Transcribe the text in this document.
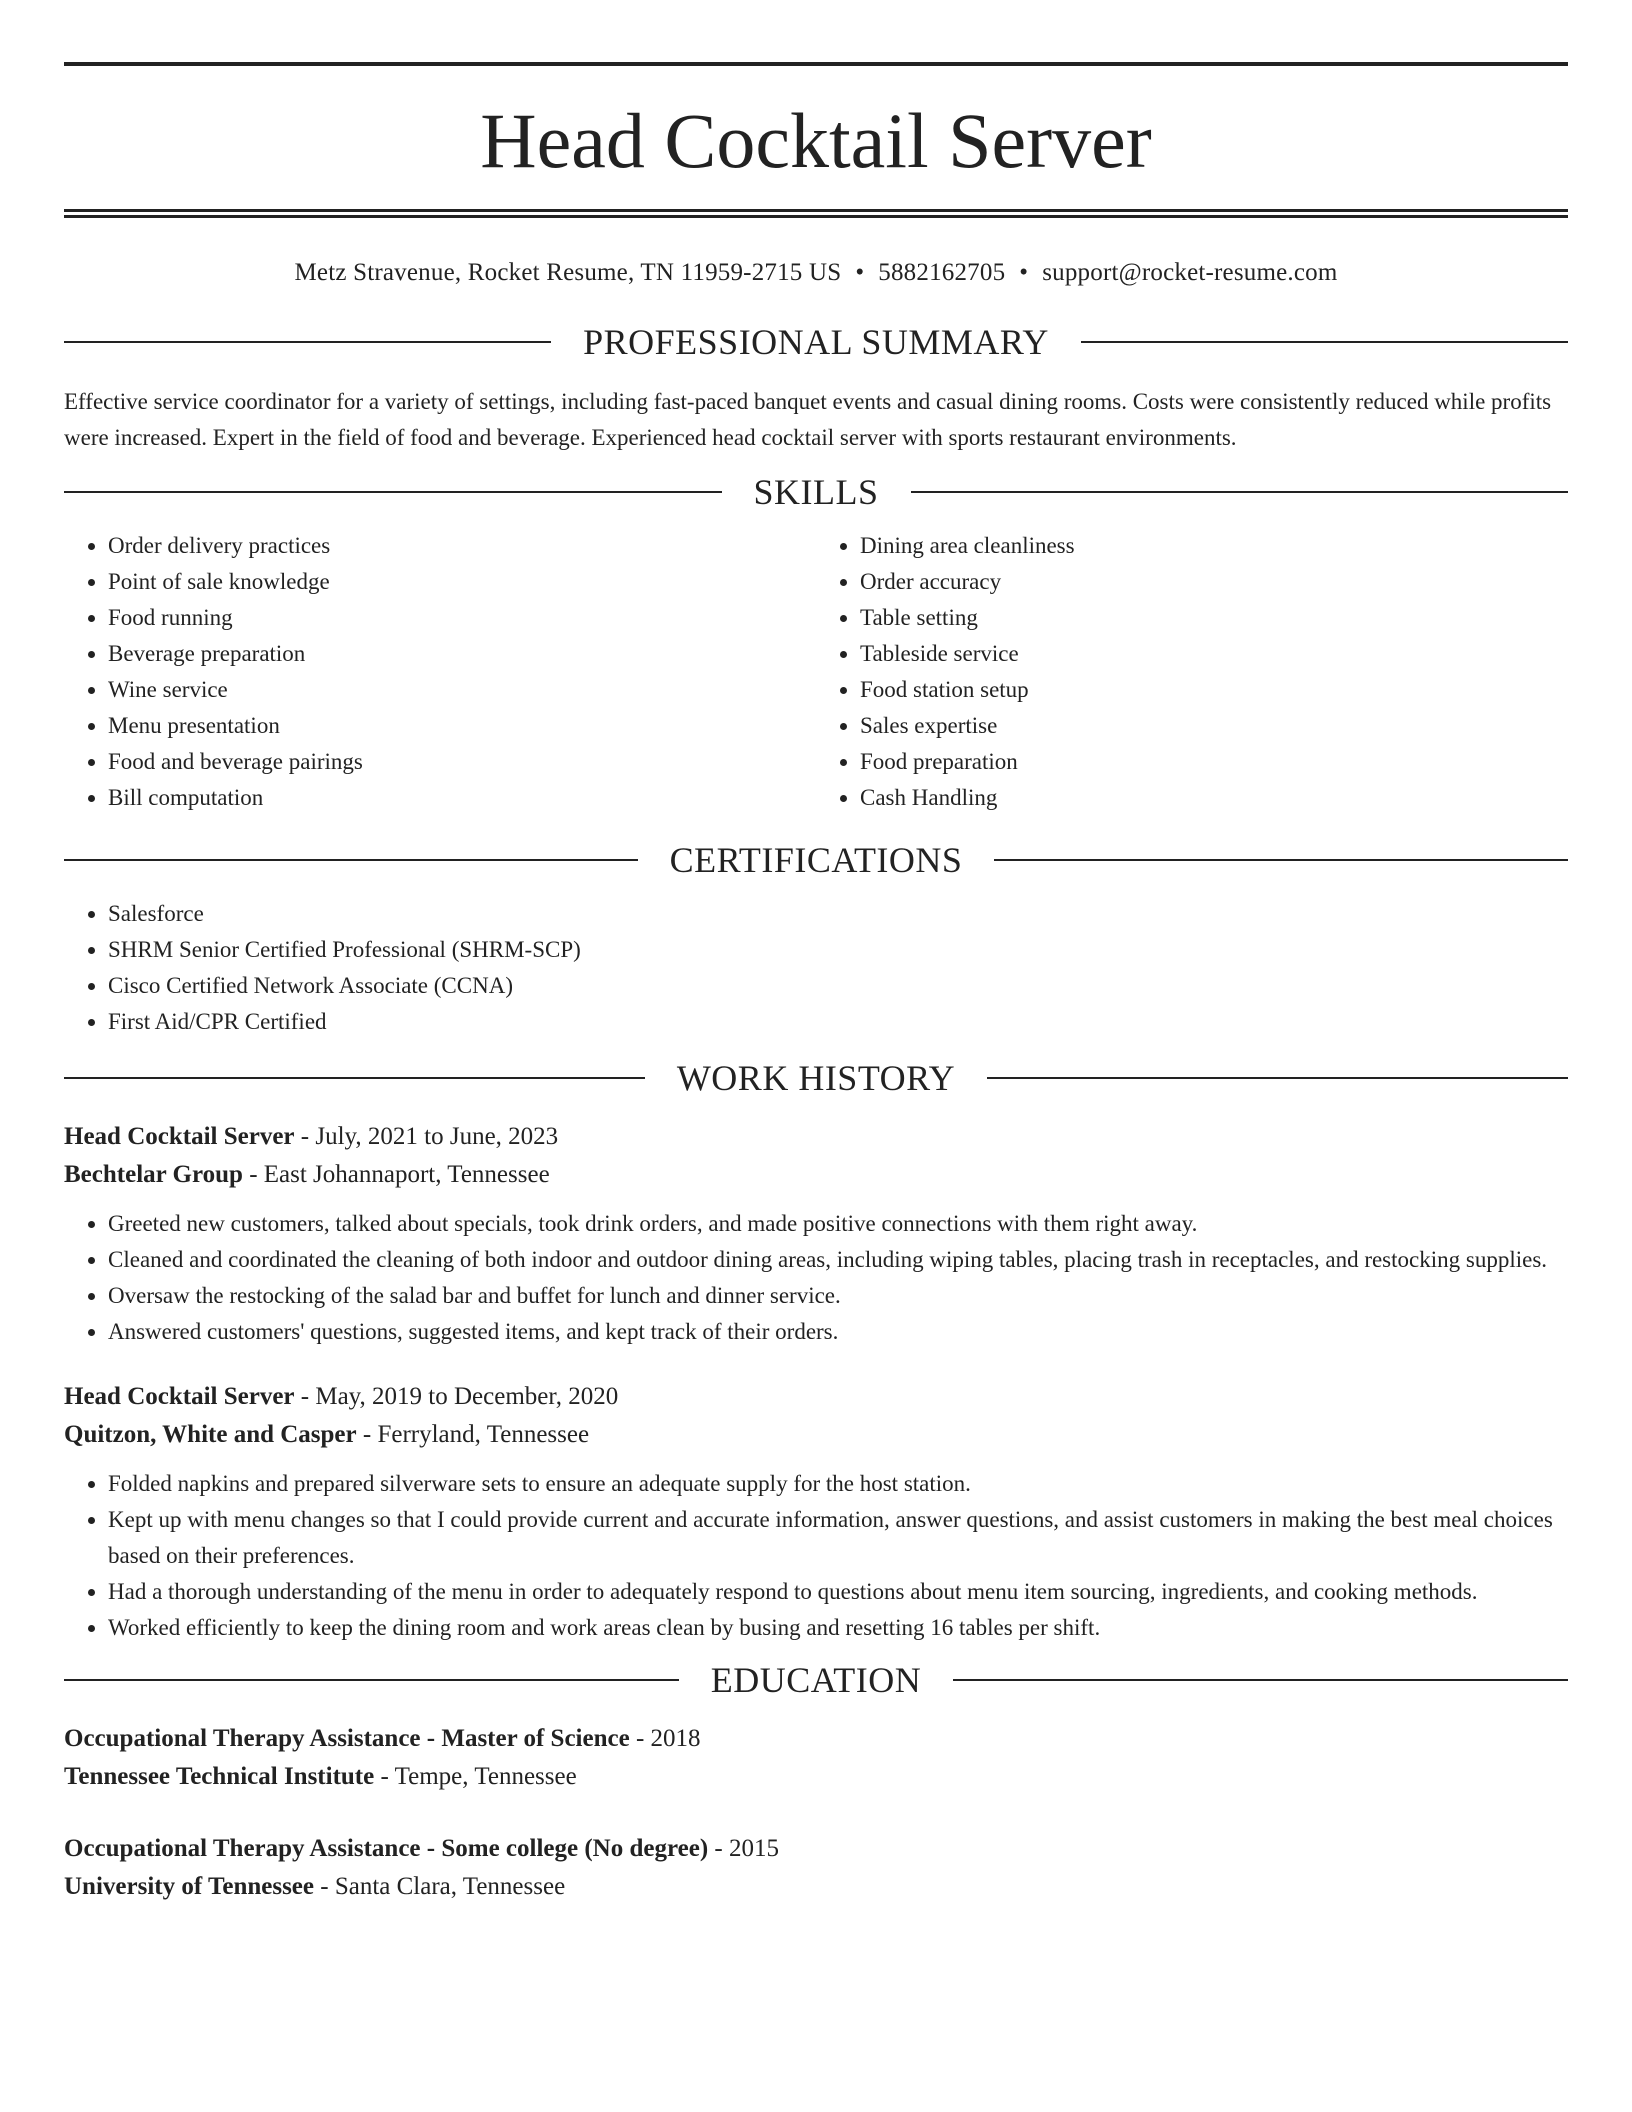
Head Cocktail Server
Metz Stravenue, Rocket Resume, TN 11959-2715 US • 5882162705 • support@rocket-resume.com
PROFESSIONAL SUMMARY
Effective service coordinator for a variety of settings, including fast-paced banquet events and casual dining rooms. Costs were consistently reduced while profits were increased. Expert in the field of food and beverage. Experienced head cocktail server with sports restaurant environments.
SKILLS
• Order delivery practices
• Point of sale knowledge
• Food running
• Beverage preparation
• Wine service
• Menu presentation
• Food and beverage pairings
• Bill computation
• Dining area cleanliness
• Order accuracy
• Table setting
• Tableside service
• Food station setup
• Sales expertise
• Food preparation
• Cash Handling
CERTIFICATIONS
• Salesforce
• SHRM Senior Certified Professional (SHRM-SCP)
• Cisco Certified Network Associate (CCNA)
• First Aid/CPR Certified
WORK HISTORY
Head Cocktail Server - July, 2021 to June, 2023
Bechtelar Group - East Johannaport, Tennessee
• Greeted new customers, talked about specials, took drink orders, and made positive connections with them right away.
• Cleaned and coordinated the cleaning of both indoor and outdoor dining areas, including wiping tables, placing trash in receptacles, and restocking supplies.
• Oversaw the restocking of the salad bar and buffet for lunch and dinner service.
• Answered customers' questions, suggested items, and kept track of their orders.
Head Cocktail Server - May, 2019 to December, 2020
Quitzon, White and Casper - Ferryland, Tennessee
• Folded napkins and prepared silverware sets to ensure an adequate supply for the host station.
• Kept up with menu changes so that I could provide current and accurate information, answer questions, and assist customers in making the best meal choices based on their preferences.
• Had a thorough understanding of the menu in order to adequately respond to questions about menu item sourcing, ingredients, and cooking methods.
• Worked efficiently to keep the dining room and work areas clean by busing and resetting 16 tables per shift.
EDUCATION
Occupational Therapy Assistance - Master of Science - 2018
Tennessee Technical Institute - Tempe, Tennessee
Occupational Therapy Assistance - Some college (No degree) - 2015
University of Tennessee - Santa Clara, Tennessee
